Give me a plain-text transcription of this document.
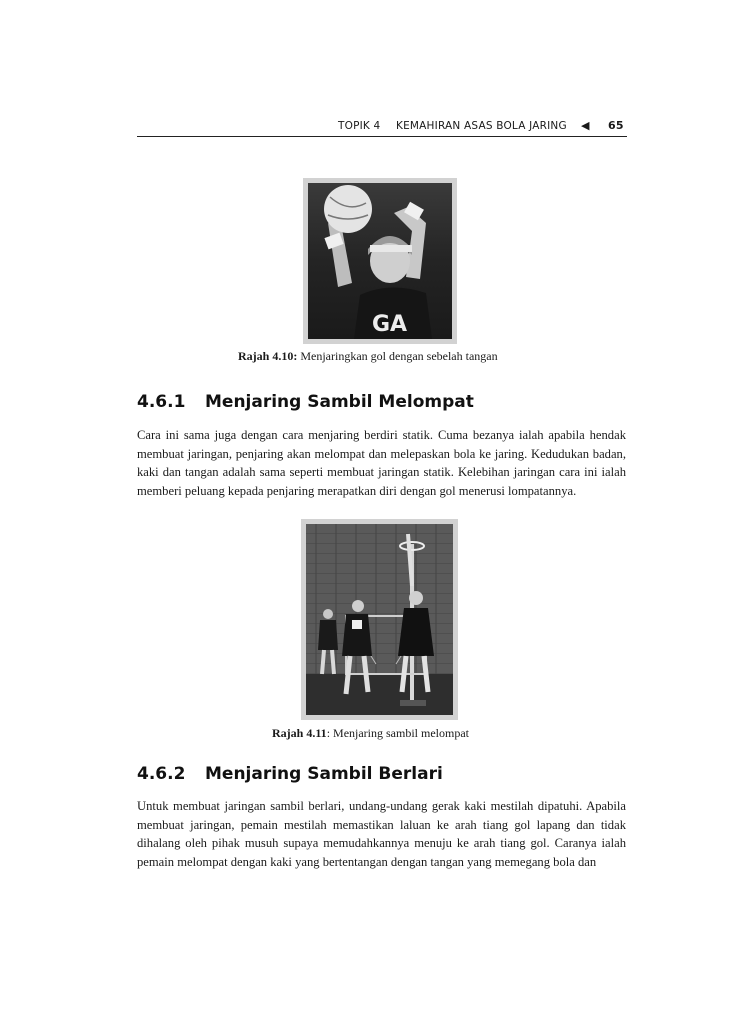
TOPIK 4 KEMAHIRAN ASAS BOLA JARING ◀ 65
GA
Rajah 4.10: Menjaringkan gol dengan sebelah tangan
4.6.1 Menjaring Sambil Melompat
Cara ini sama juga dengan cara menjaring berdiri statik. Cuma bezanya ialah apabila hendak membuat jaringan, penjaring akan melompat dan melepaskan bola ke jaring. Kedudukan badan, kaki dan tangan adalah sama seperti membuat jaringan statik. Kelebihan jaringan cara ini ialah memberi peluang kepada penjaring merapatkan diri dengan gol menerusi lompatannya.
Rajah 4.11: Menjaring sambil melompat
4.6.2 Menjaring Sambil Berlari
Untuk membuat jaringan sambil berlari, undang-undang gerak kaki mestilah dipatuhi. Apabila membuat jaringan, pemain mestilah memastikan laluan ke arah tiang gol lapang dan tidak dihalang oleh pihak musuh supaya memudahkannya menuju ke arah tiang gol. Caranya ialah pemain melompat dengan kaki yang bertentangan dengan tangan yang memegang bola dan
